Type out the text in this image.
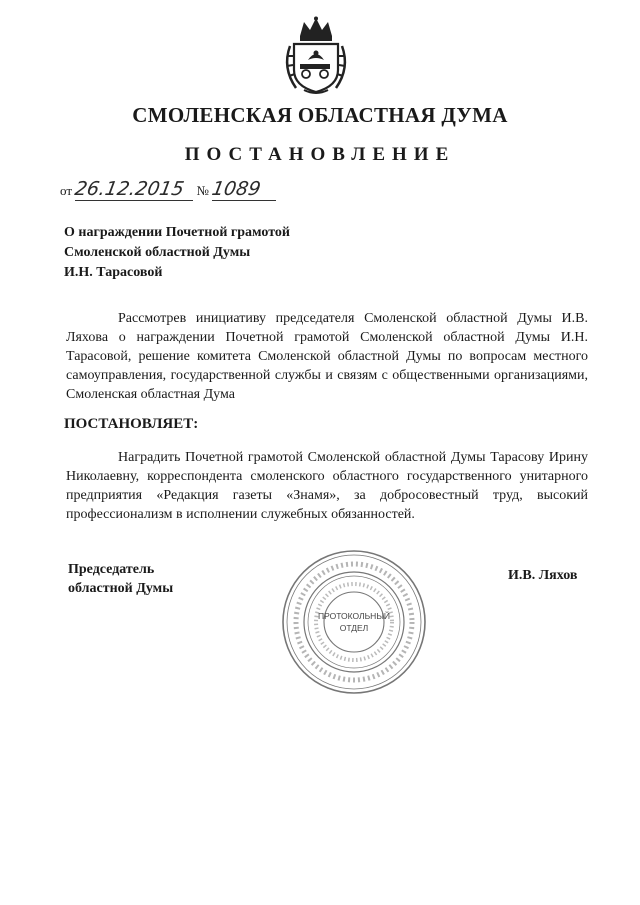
СМОЛЕНСКАЯ ОБЛАСТНАЯ ДУМА
ПОСТАНОВЛЕНИЕ
от 26.12.2015 № 1089
О награждении Почетной грамотой
Смоленской областной Думы
И.Н. Тарасовой
Рассмотрев инициативу председателя Смоленской областной Думы И.В. Ляхова о награждении Почетной грамотой Смоленской областной Думы И.Н. Тарасовой, решение комитета Смоленской областной Думы по вопросам местного самоуправления, государственной службы и связям с общественными организациями, Смоленская областная Дума
ПОСТАНОВЛЯЕТ:
Наградить Почетной грамотой Смоленской областной Думы Тарасову Ирину Николаевну, корреспондента смоленского областного государственного унитарного предприятия «Редакция газеты «Знамя», за добросовестный труд, высокий профессионализм в исполнении служебных обязанностей.
Председатель
областной Думы
И.В. Ляхов
ПРОТОКОЛЬНЫЙ
ОТДЕЛ
